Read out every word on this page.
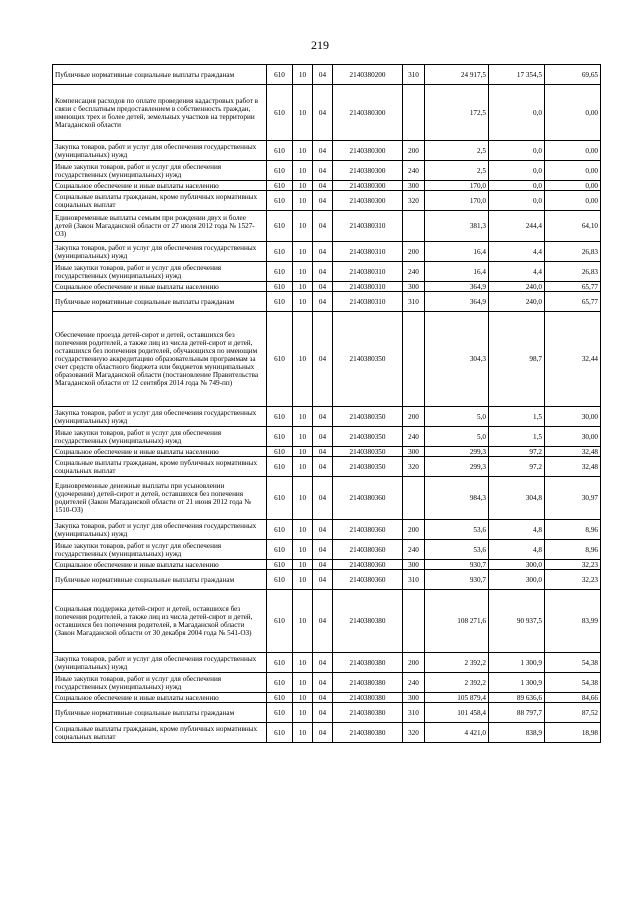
219
Публичные нормативные социальные выплаты гражданам	610	10	04	2140380200	310	24 917,5	17 354,5	69,65
Компенсация расходов по оплате проведения кадастровых работ в связи с бесплатным предоставлением в собственность граждан, имеющих трех и более детей, земельных участков на территории Магаданской области	610	10	04	2140380300		172,5	0,0	0,00
Закупка товаров, работ и услуг для обеспечения государственных (муниципальных) нужд	610	10	04	2140380300	200	2,5	0,0	0,00
Иные закупки товаров, работ и услуг для обеспечения государственных (муниципальных) нужд	610	10	04	2140380300	240	2,5	0,0	0,00
Социальное обеспечение и иные выплаты населению	610	10	04	2140380300	300	170,0	0,0	0,00
Социальные выплаты гражданам, кроме публичных нормативных социальных выплат	610	10	04	2140380300	320	170,0	0,0	0,00
Единовременные выплаты семьям при рождении двух и более детей (Закон Магаданской области от 27 июля 2012 года № 1527-ОЗ)	610	10	04	2140380310		381,3	244,4	64,10
Закупка товаров, работ и услуг для обеспечения государственных (муниципальных) нужд	610	10	04	2140380310	200	16,4	4,4	26,83
Иные закупки товаров, работ и услуг для обеспечения государственных (муниципальных) нужд	610	10	04	2140380310	240	16,4	4,4	26,83
Социальное обеспечение и иные выплаты населению	610	10	04	2140380310	300	364,9	240,0	65,77
Публичные нормативные социальные выплаты гражданам	610	10	04	2140380310	310	364,9	240,0	65,77
Обеспечение проезда детей-сирот и детей, оставшихся без попечения родителей, а также лиц из числа детей-сирот и детей, оставшихся без попечения родителей, обучающихся по имеющим государственную аккредитацию образовательным программам за счет средств областного бюджета или бюджетов муниципальных образований Магаданской области (постановление Правительства Магаданской области от 12 сентября 2014 года № 749-пп)	610	10	04	2140380350		304,3	98,7	32,44
Закупка товаров, работ и услуг для обеспечения государственных (муниципальных) нужд	610	10	04	2140380350	200	5,0	1,5	30,00
Иные закупки товаров, работ и услуг для обеспечения государственных (муниципальных) нужд	610	10	04	2140380350	240	5,0	1,5	30,00
Социальное обеспечение и иные выплаты населению	610	10	04	2140380350	300	299,3	97,2	32,48
Социальные выплаты гражданам, кроме публичных нормативных социальных выплат	610	10	04	2140380350	320	299,3	97,2	32,48
Единовременные денежные выплаты при усыновлении (удочерении) детей-сирот и детей, оставшихся без попечения родителей (Закон Магаданской области от 21 июня 2012 года № 1510-ОЗ)	610	10	04	2140380360		984,3	304,8	30,97
Закупка товаров, работ и услуг для обеспечения государственных (муниципальных) нужд	610	10	04	2140380360	200	53,6	4,8	8,96
Иные закупки товаров, работ и услуг для обеспечения государственных (муниципальных) нужд	610	10	04	2140380360	240	53,6	4,8	8,96
Социальное обеспечение и иные выплаты населению	610	10	04	2140380360	300	930,7	300,0	32,23
Публичные нормативные социальные выплаты гражданам	610	10	04	2140380360	310	930,7	300,0	32,23
Социальная поддержка детей-сирот и детей, оставшихся без попечения родителей, а также лиц из числа детей-сирот и детей, оставшихся без попечения родителей, в Магаданской области (Закон Магаданской области от 30 декабря 2004 года № 541-ОЗ)	610	10	04	2140380380		108 271,6	90 937,5	83,99
Закупка товаров, работ и услуг для обеспечения государственных (муниципальных) нужд	610	10	04	2140380380	200	2 392,2	1 300,9	54,38
Иные закупки товаров, работ и услуг для обеспечения государственных (муниципальных) нужд	610	10	04	2140380380	240	2 392,2	1 300,9	54,38
Социальное обеспечение и иные выплаты населению	610	10	04	2140380380	300	105 879,4	89 636,6	84,66
Публичные нормативные социальные выплаты гражданам	610	10	04	2140380380	310	101 458,4	88 797,7	87,52
Социальные выплаты гражданам, кроме публичных нормативных социальных выплат	610	10	04	2140380380	320	4 421,0	838,9	18,98
